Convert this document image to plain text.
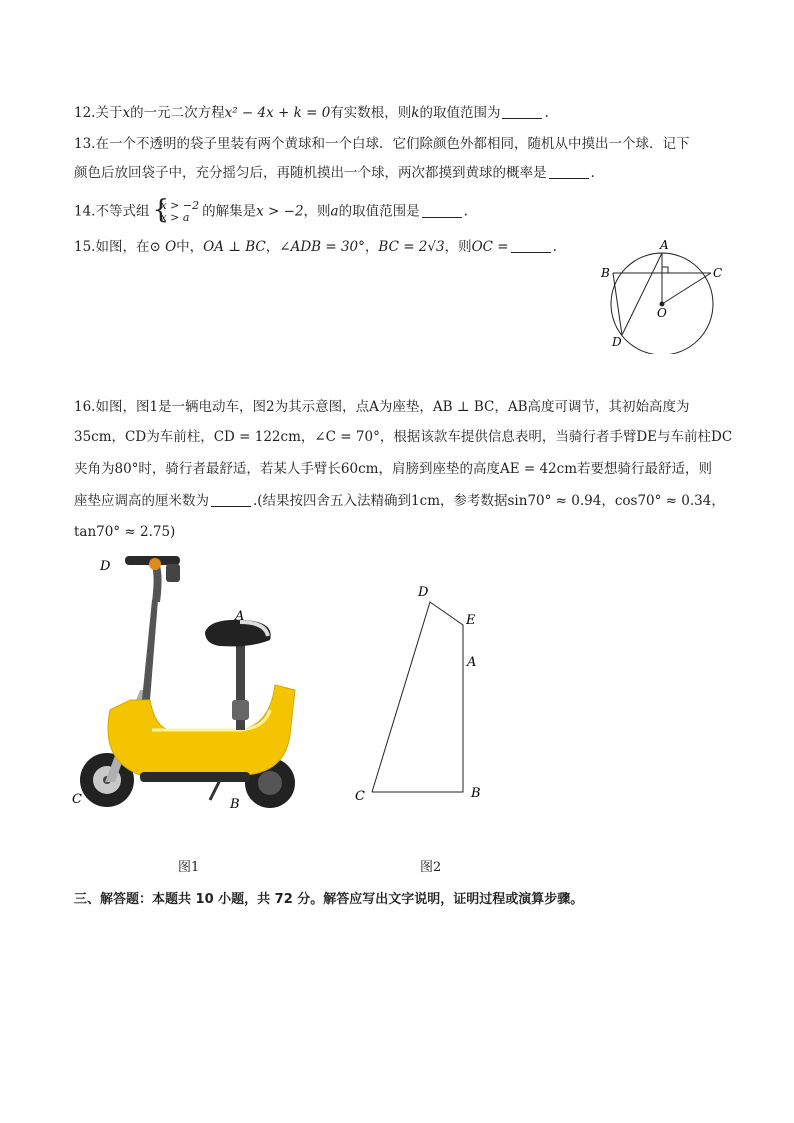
12.关于x的一元二次方程x² − 4x + k = 0有实数根，则k的取值范围为	.
13.在一个不透明的袋子里装有两个黄球和一个白球．它们除颜色外都相同，随机从中摸出一个球．记下
颜色后放回袋子中，充分摇匀后，再随机摸出一个球，两次都摸到黄球的概率是	.
14.不等式组 {
x > −2
x > a 的解集是x > −2，则a的取值范围是	.
15.如图，在⊙ O中，OA ⊥ BC，∠ADB = 30°，BC = 2√3，则OC =	.	A
B	C
O
D
16.如图，图1是一辆电动车，图2为其示意图，点A为座垫，AB ⊥ BC，AB高度可调节，其初始高度为
35cm，CD为车前柱，CD = 122cm，∠C = 70°，根据该款车提供信息表明，当骑行者手臂DE与车前柱DC
夹角为80°时，骑行者最舒适，若某人手臂长60cm，肩膀到座垫的高度AE = 42cm若要想骑行最舒适，则
座垫应调高的厘米数为	.(结果按四舍五入法精确到1cm，参考数据sin70° ≈ 0.94，cos70° ≈ 0.34，
tan70° ≈ 2.75)
D
A
C	B
D
E
A
C	B
图1	图2
三、解答题：本题共 10 小题，共 72 分。解答应写出文字说明，证明过程或演算步骤。
